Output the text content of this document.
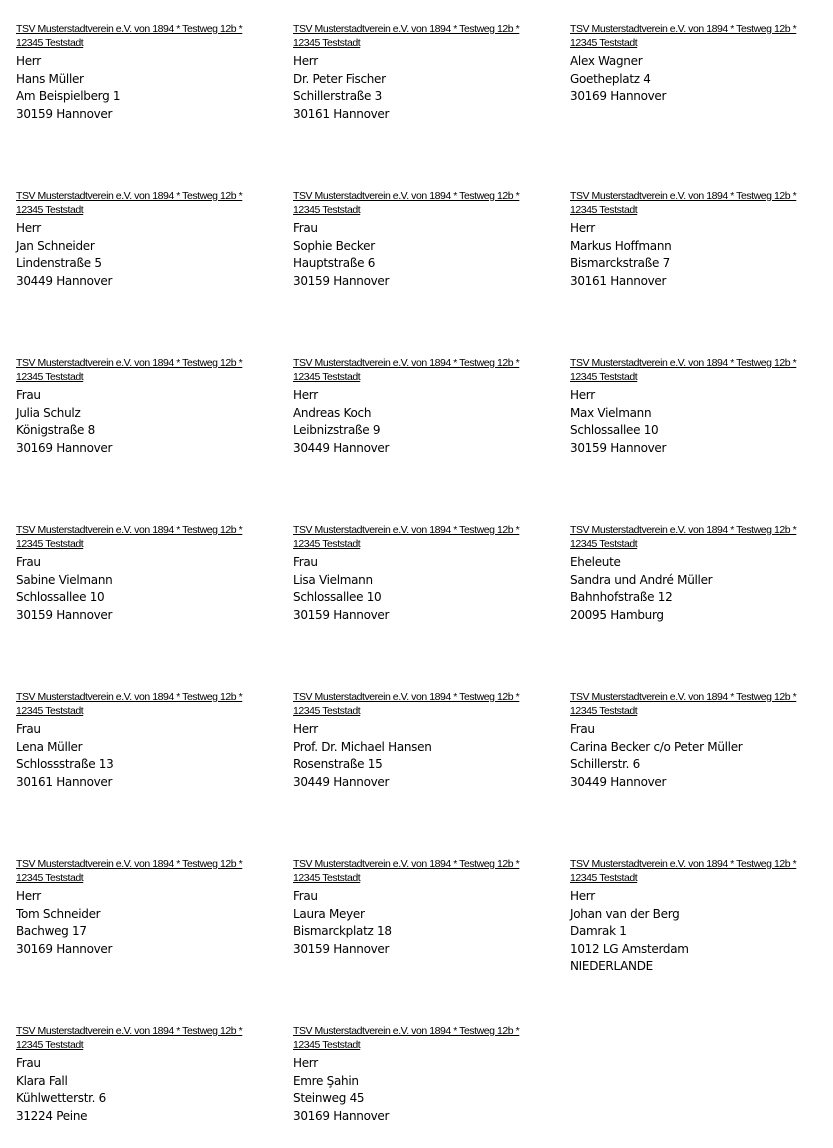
TSV Musterstadtverein e.V. von 1894 * Testweg 12b *
12345 Teststadt
Herr
Hans Müller
Am Beispielberg 1
30159 Hannover
TSV Musterstadtverein e.V. von 1894 * Testweg 12b *
12345 Teststadt
Herr
Dr. Peter Fischer
Schillerstraße 3
30161 Hannover
TSV Musterstadtverein e.V. von 1894 * Testweg 12b *
12345 Teststadt
Alex Wagner
Goetheplatz 4
30169 Hannover
TSV Musterstadtverein e.V. von 1894 * Testweg 12b *
12345 Teststadt
Herr
Jan Schneider
Lindenstraße 5
30449 Hannover
TSV Musterstadtverein e.V. von 1894 * Testweg 12b *
12345 Teststadt
Frau
Sophie Becker
Hauptstraße 6
30159 Hannover
TSV Musterstadtverein e.V. von 1894 * Testweg 12b *
12345 Teststadt
Herr
Markus Hoffmann
Bismarckstraße 7
30161 Hannover
TSV Musterstadtverein e.V. von 1894 * Testweg 12b *
12345 Teststadt
Frau
Julia Schulz
Königstraße 8
30169 Hannover
TSV Musterstadtverein e.V. von 1894 * Testweg 12b *
12345 Teststadt
Herr
Andreas Koch
Leibnizstraße 9
30449 Hannover
TSV Musterstadtverein e.V. von 1894 * Testweg 12b *
12345 Teststadt
Herr
Max Vielmann
Schlossallee 10
30159 Hannover
TSV Musterstadtverein e.V. von 1894 * Testweg 12b *
12345 Teststadt
Frau
Sabine Vielmann
Schlossallee 10
30159 Hannover
TSV Musterstadtverein e.V. von 1894 * Testweg 12b *
12345 Teststadt
Frau
Lisa Vielmann
Schlossallee 10
30159 Hannover
TSV Musterstadtverein e.V. von 1894 * Testweg 12b *
12345 Teststadt
Eheleute
Sandra und André Müller
Bahnhofstraße 12
20095 Hamburg
TSV Musterstadtverein e.V. von 1894 * Testweg 12b *
12345 Teststadt
Frau
Lena Müller
Schlossstraße 13
30161 Hannover
TSV Musterstadtverein e.V. von 1894 * Testweg 12b *
12345 Teststadt
Herr
Prof. Dr. Michael Hansen
Rosenstraße 15
30449 Hannover
TSV Musterstadtverein e.V. von 1894 * Testweg 12b *
12345 Teststadt
Frau
Carina Becker c/o Peter Müller
Schillerstr. 6
30449 Hannover
TSV Musterstadtverein e.V. von 1894 * Testweg 12b *
12345 Teststadt
Herr
Tom Schneider
Bachweg 17
30169 Hannover
TSV Musterstadtverein e.V. von 1894 * Testweg 12b *
12345 Teststadt
Frau
Laura Meyer
Bismarckplatz 18
30159 Hannover
TSV Musterstadtverein e.V. von 1894 * Testweg 12b *
12345 Teststadt
Herr
Johan van der Berg
Damrak 1
1012 LG Amsterdam
NIEDERLANDE
TSV Musterstadtverein e.V. von 1894 * Testweg 12b *
12345 Teststadt
Frau
Klara Fall
Kühlwetterstr. 6
31224 Peine
TSV Musterstadtverein e.V. von 1894 * Testweg 12b *
12345 Teststadt
Herr
Emre Şahin
Steinweg 45
30169 Hannover
